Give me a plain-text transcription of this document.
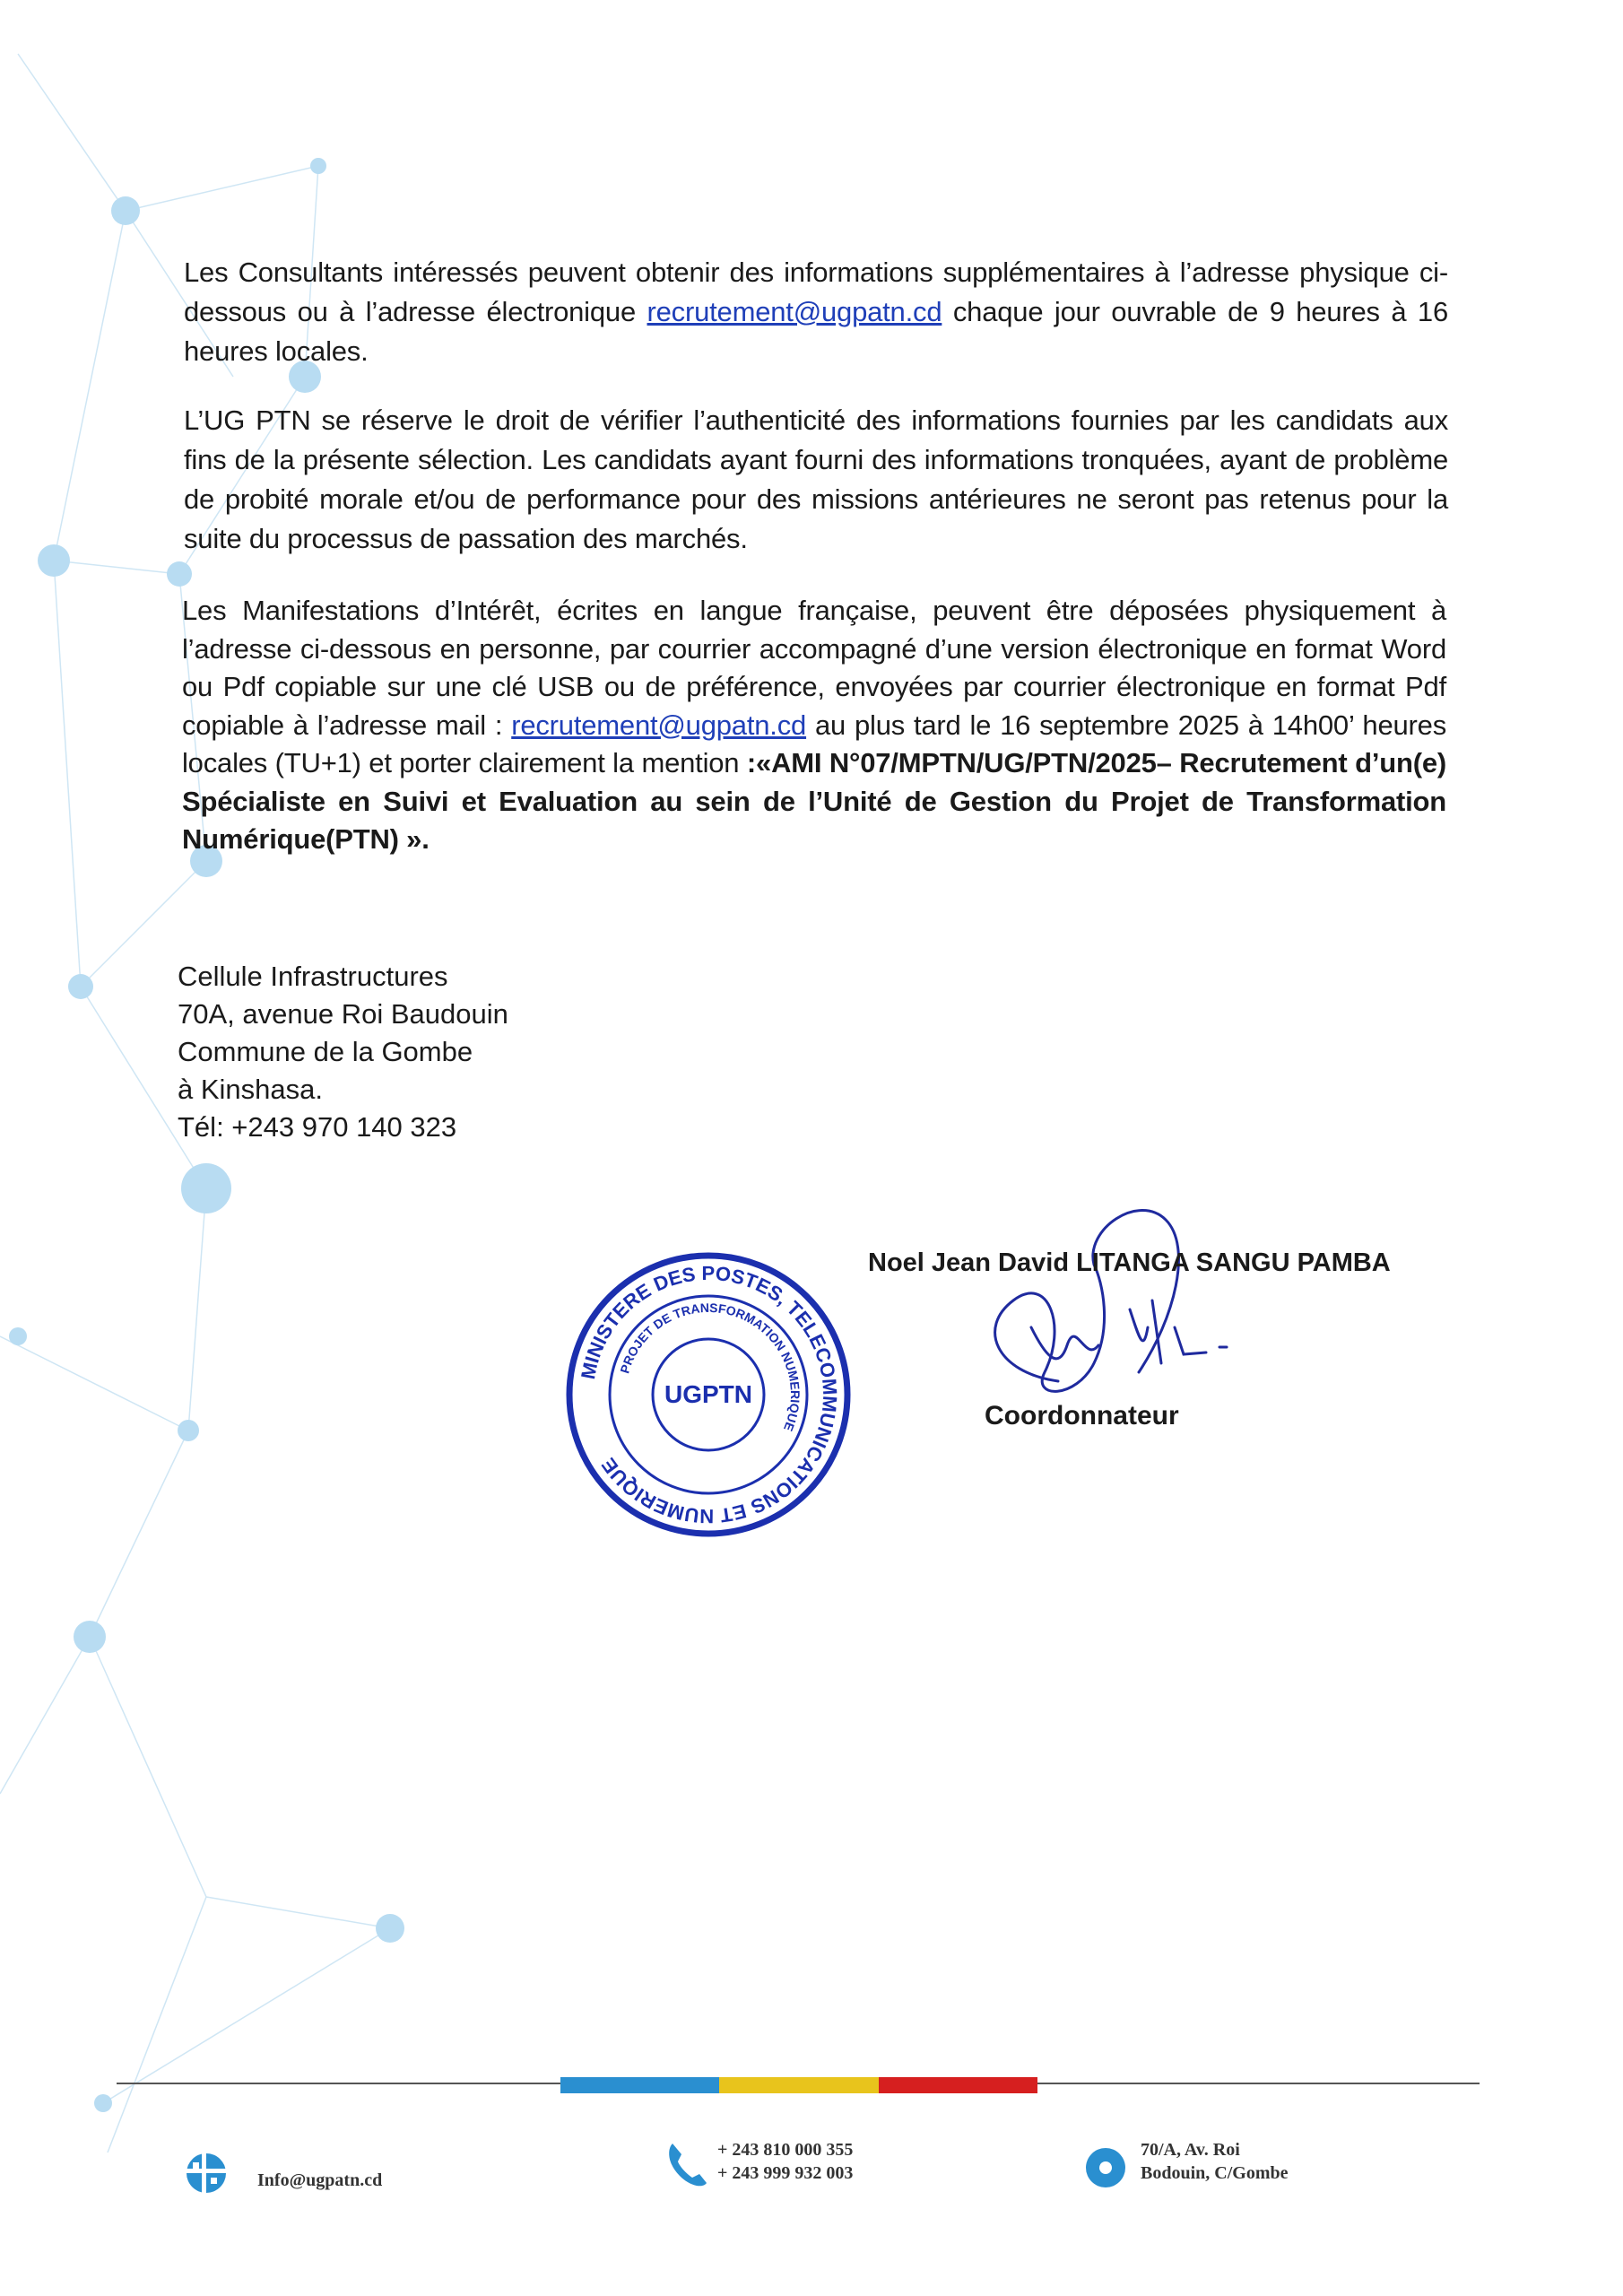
Les Consultants intéressés peuvent obtenir des informations supplémentaires à l’adresse physique ci-dessous ou à l’adresse électronique recrutement@ugpatn.cd chaque jour ouvrable de 9 heures à 16 heures locales.
L’UG PTN se réserve le droit de vérifier l’authenticité des informations fournies par les candidats aux fins de la présente sélection. Les candidats ayant fourni des informations tronquées, ayant de problème de probité morale et/ou de performance pour des missions antérieures ne seront pas retenus pour la suite du processus de passation des marchés.
Les Manifestations d’Intérêt, écrites en langue française, peuvent être déposées physiquement à l’adresse ci-dessous en personne, par courrier accompagné d’une version électronique en format Word ou Pdf copiable sur une clé USB ou de préférence, envoyées par courrier électronique en format Pdf copiable à l’adresse mail : recrutement@ugpatn.cd au plus tard le 16 septembre 2025 à 14h00’ heures locales (TU+1) et porter clairement la mention :«AMI N°07/MPTN/UG/PTN/2025– Recrutement d’un(e) Spécialiste en Suivi et Evaluation au sein de l’Unité de Gestion du Projet de Transformation Numérique(PTN) ».
Cellule Infrastructures
70A, avenue Roi Baudouin
Commune de la Gombe
à Kinshasa.
Tél: +243 970 140 323
MINISTERE DES POSTES, TELECOMMUNICATIONS ET NUMERIQUE
PROJET DE TRANSFORMATION NUMERIQUE
UGPTN
Noel Jean David LITANGA SANGU PAMBA
Coordonnateur
Info@ugpatn.cd
+ 243 810 000 355
+ 243 999 932 003
70/A, Av. Roi
Bodouin, C/Gombe
